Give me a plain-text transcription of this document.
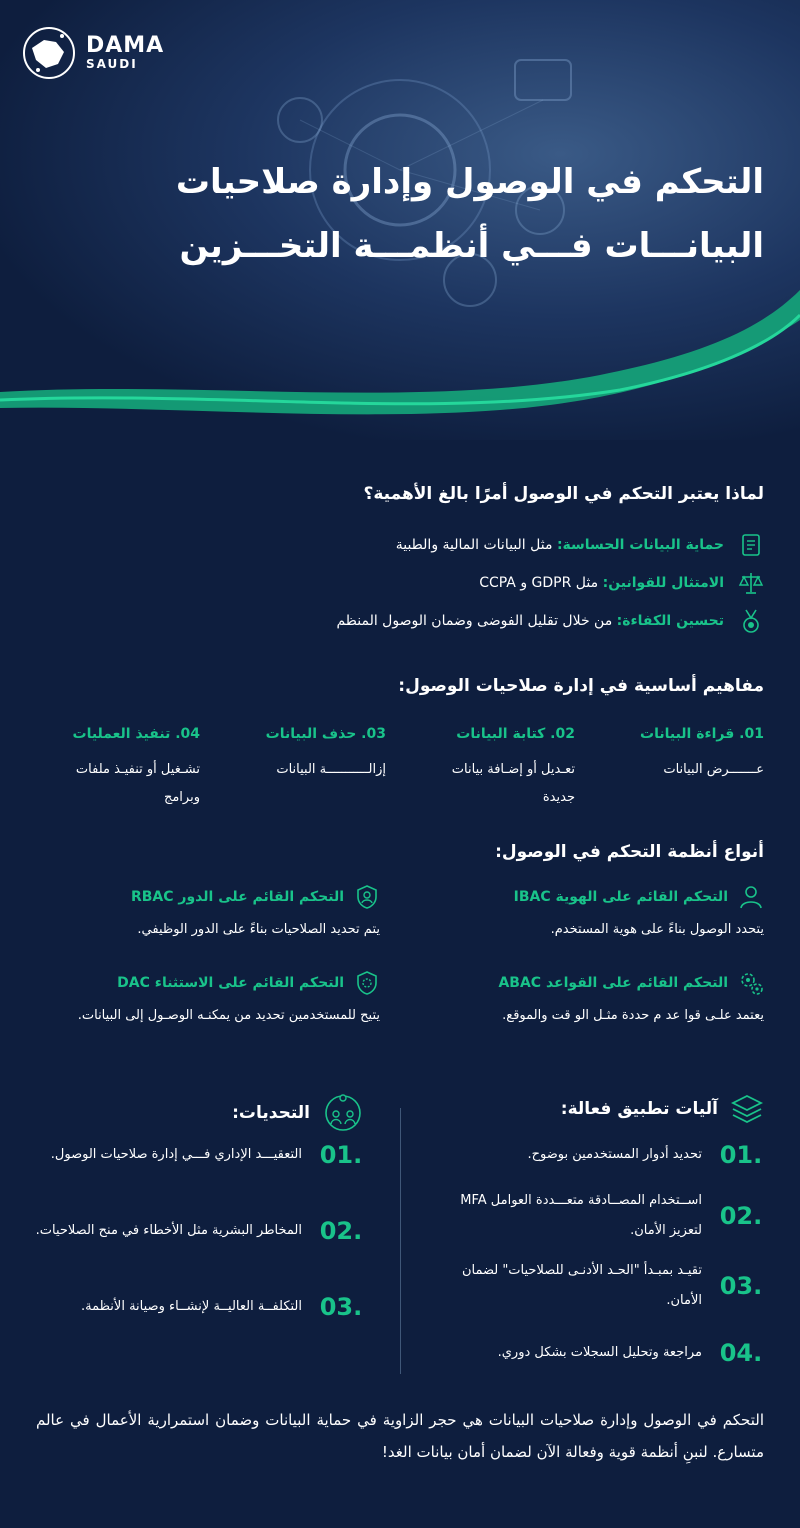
DAMA
SAUDI
التحكم في الوصول وإدارة صلاحيات
البيانـــات فـــي أنظمـــة التخـــزين
لماذا يعتبر التحكم في الوصول أمرًا بالغ الأهمية؟
حماية البيانات الحساسة: مثل البيانات المالية والطبية
الامتثال للقوانين: مثل GDPR و CCPA
تحسين الكفاءة: من خلال تقليل الفوضى وضمان الوصول المنظم
مفاهيم أساسية في إدارة صلاحيات الوصول:
01. قراءة البيانات
عـــــــرض البيانات
02. كتابة البيانات
تعـديل أو إضـافة بيانات جديدة
03. حذف البيانات
إزالـــــــــــة البيانات
04. تنفيذ العمليات
تشـغيل أو تنفيـذ ملفات وبرامج
أنواع أنظمة التحكم في الوصول:
التحكم القائم على الهوية IBAC
يتحدد الوصول بناءً على هوية المستخدم.
التحكم القائم على الدور RBAC
يتم تحديد الصلاحيات بناءً على الدور الوظيفي.
التحكم القائم على القواعد ABAC
يعتمد علـى قوا عد م حددة مثـل الو قت والموقع.
التحكم القائم على الاستثناء DAC
يتيح للمستخدمين تحديد من يمكنـه الوصـول إلى البيانات.
آليات تطبيق فعالة:
.01
تحديد أدوار المستخدمين بوضوح.
.02
اســتخدام المصــادقة متعـــددة العوامل MFA لتعزيز الأمان.
.03
تقيـد بمبـدأ "الحـد الأدنـى للصلاحيات" لضمان الأمان.
.04
مراجعة وتحليل السجلات بشكل دوري.
التحديات:
.01
التعقيـــد الإداري فـــي إدارة صلاحيات الوصول.
.02
المخاطر البشرية مثل الأخطاء في منح الصلاحيات.
.03
التكلفــة العاليــة لإنشــاء وصيانة الأنظمة.
التحكم في الوصول وإدارة صلاحيات البيانات هي حجر الزاوية في حماية البيانات وضمان استمرارية الأعمال في عالم متسارع. لنبنِ أنظمة قوية وفعالة الآن لضمان أمان بيانات الغد!
